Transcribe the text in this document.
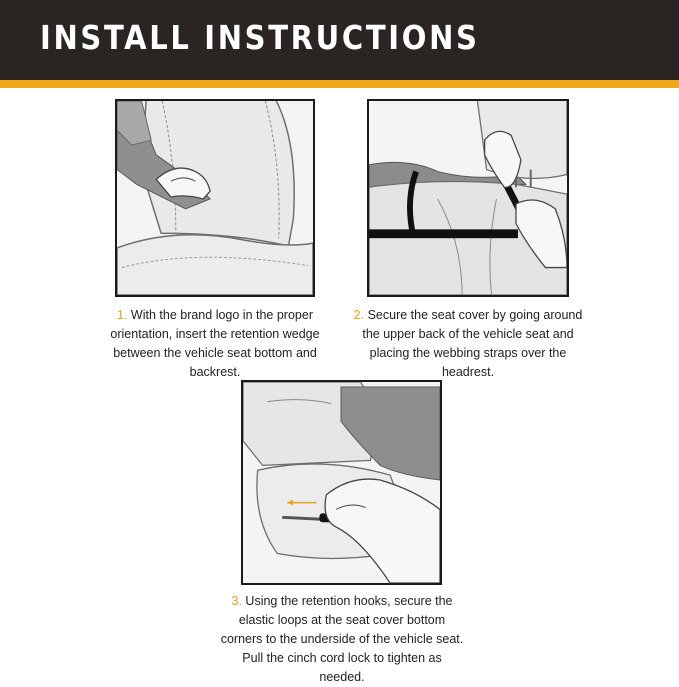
INSTALL INSTRUCTIONS
1. With the brand logo in the proper orientation, insert the retention wedge between the vehicle seat bottom and backrest.
2. Secure the seat cover by going around the upper back of the vehicle seat and placing the webbing straps over the headrest.
3. Using the retention hooks, secure the elastic loops at the seat cover bottom corners to the underside of the vehicle seat. Pull the cinch cord lock to tighten as needed.
